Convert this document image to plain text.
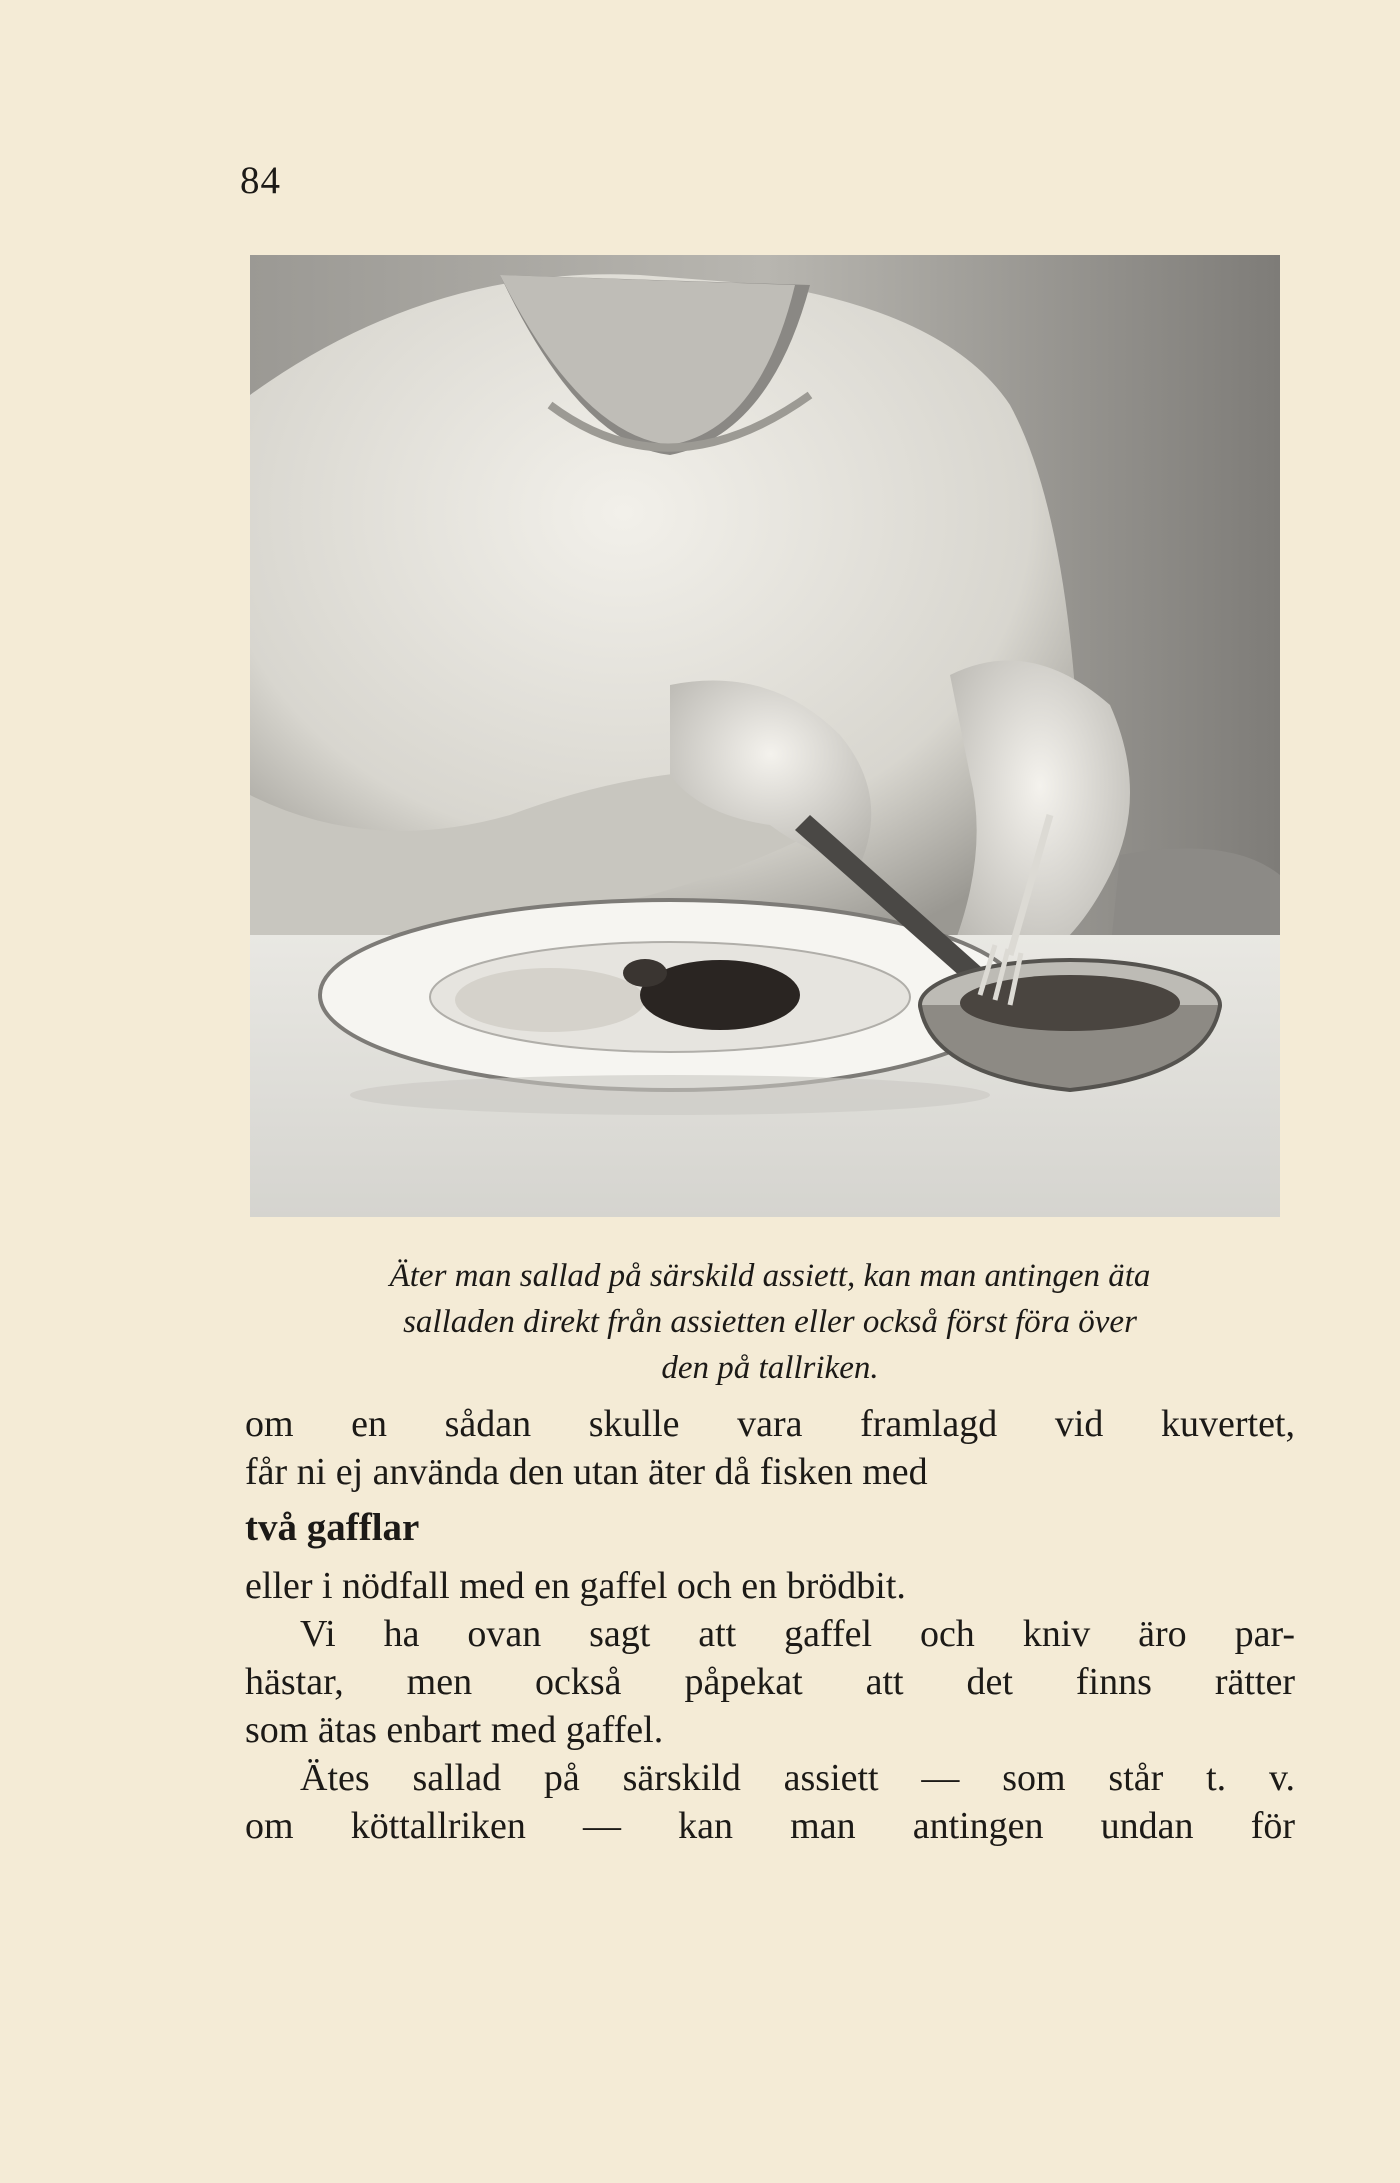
84
Äter man sallad på särskild assiett, kan man antingen äta
salladen direkt från assietten eller också först föra över
den på tallriken.
om en sådan skulle vara framlagd vid kuvertet,
får ni ej använda den utan äter då fisken med
två gafflar
eller i nödfall med en gaffel och en brödbit.
Vi ha ovan sagt att gaffel och kniv äro par-
hästar, men också påpekat att det finns rätter
som ätas enbart med gaffel.
Ätes sallad på särskild assiett — som står t. v.
om köttallriken — kan man antingen undan för
